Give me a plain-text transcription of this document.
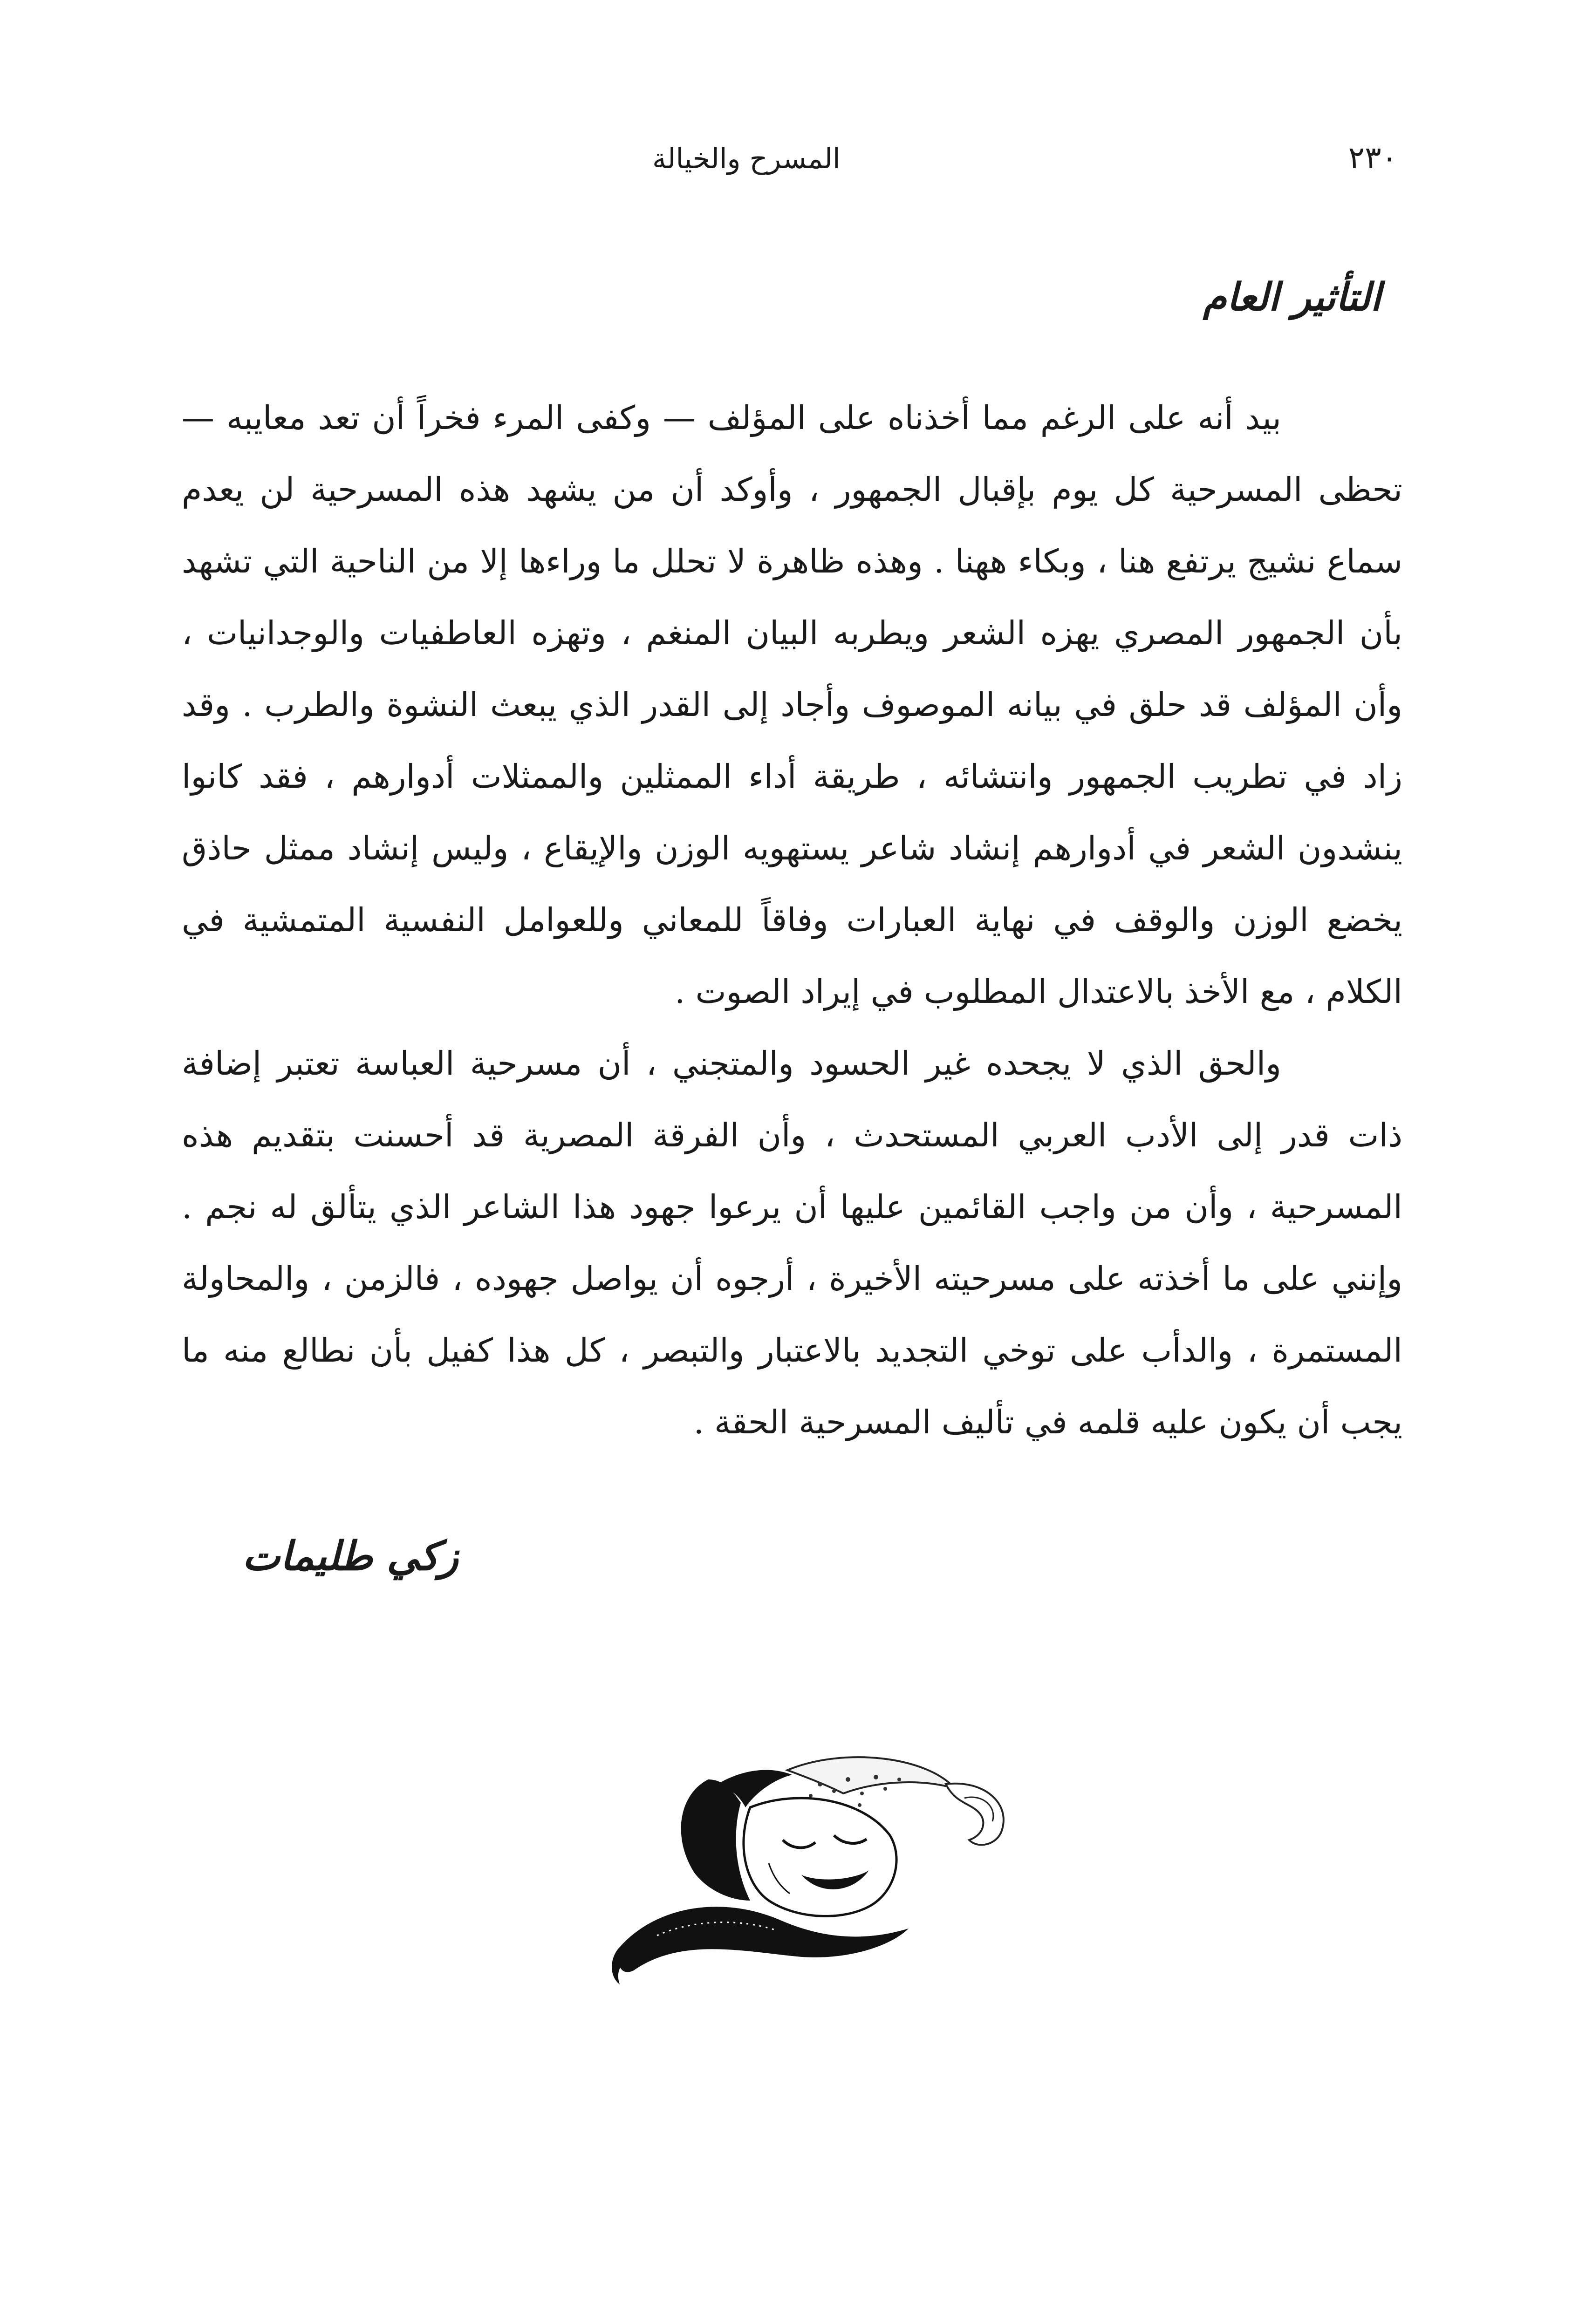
٢٣٠
المسرح والخيالة
التأثير العام

بيد أنه على الرغم مما أخذناه على المؤلف — وكفى المرء فخراً أن تعد معايبه — تحظى المسرحية كل يوم بإقبال الجمهور ، وأوكد أن من يشهد هذه المسرحية لن يعدم سماع نشيج يرتفع هنا ، وبكاء ههنا . وهذه ظاهرة لا تحلل ما وراءها إلا من الناحية التي تشهد بأن الجمهور المصري يهزه الشعر ويطربه البيان المنغم ، وتهزه العاطفيات والوجدانيات ، وأن المؤلف قد حلق في بيانه الموصوف وأجاد إلى القدر الذي يبعث النشوة والطرب . وقد زاد في تطريب الجمهور وانتشائه ، طريقة أداء الممثلين والممثلات أدوارهم ، فقد كانوا ينشدون الشعر في أدوارهم إنشاد شاعر يستهويه الوزن والإيقاع ، وليس إنشاد ممثل حاذق يخضع الوزن والوقف في نهاية العبارات وفاقاً للمعاني وللعوامل النفسية المتمشية في الكلام ، مع الأخذ بالاعتدال المطلوب في إيراد الصوت .

والحق الذي لا يجحده غير الحسود والمتجني ، أن مسرحية العباسة تعتبر إضافة ذات قدر إلى الأدب العربي المستحدث ، وأن الفرقة المصرية قد أحسنت بتقديم هذه المسرحية ، وأن من واجب القائمين عليها أن يرعوا جهود هذا الشاعر الذي يتألق له نجم . وإنني على ما أخذته على مسرحيته الأخيرة ، أرجوه أن يواصل جهوده ، فالزمن ، والمحاولة المستمرة ، والدأب على توخي التجديد بالاعتبار والتبصر ، كل هذا كفيل بأن نطالع منه ما يجب أن يكون عليه قلمه في تأليف المسرحية الحقة .

زكي طليمات
